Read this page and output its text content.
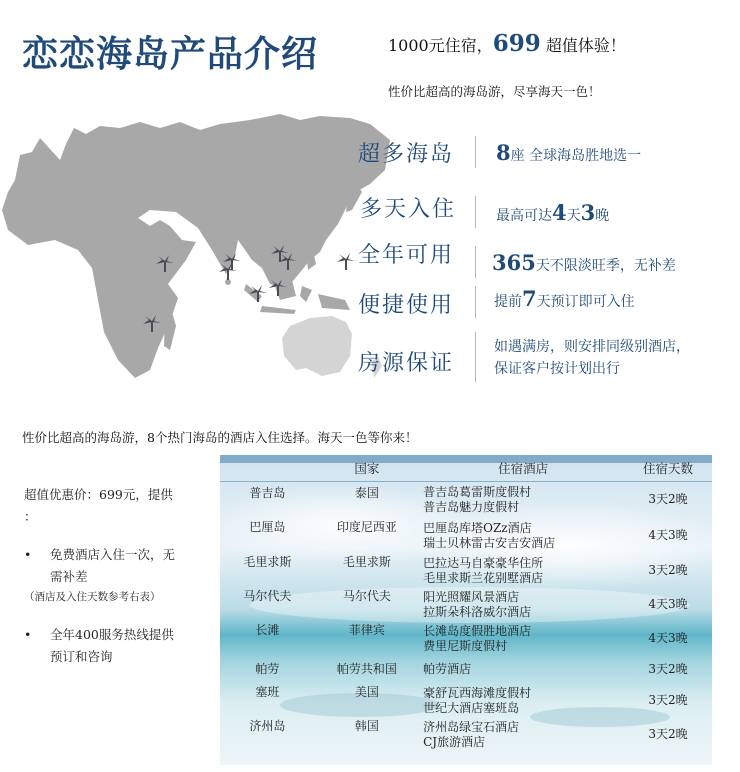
恋恋海岛产品介绍	1000元住宿，699 超值体验！
性价比超高的海岛游，尽享海天一色！
超多海岛 8座 全球海岛胜地选一
多天入住	最高可达4天3晚
全年可用 365天不限淡旺季，无补差
便捷使用	提前7天预订即可入住
房源保证
如遇满房，则安排同级别酒店，
保证客户按计划出行
性价比超高的海岛游，8个热门海岛的酒店入住选择。海天一色等你来！
超值优惠价：699元，提供
：
• 免费酒店入住一次，无
需补差
（酒店及入住天数参考右表）
• 全年400服务热线提供
预订和咨询
	国家	住宿酒店	住宿天数
普吉岛	泰国	普吉岛葛雷斯度假村
普吉岛魅力度假村	3天2晚
巴厘岛	印度尼西亚	巴厘岛库塔OZz酒店
瑞士贝林雷古安吉安酒店	4天3晚
毛里求斯	毛里求斯	巴拉达马自豪豪华住所
毛里求斯兰花别墅酒店	3天2晚
马尔代夫	马尔代夫	阳光照耀风景酒店
拉斯朵科洛威尔酒店	4天3晚
长滩	菲律宾	长滩岛度假胜地酒店
费里尼斯度假村	4天3晚
帕劳	帕劳共和国	帕劳酒店	3天2晚
塞班	美国	豪舒瓦西海滩度假村
世纪大酒店塞班岛	3天2晚
济州岛	韩国	济州岛绿宝石酒店
CJ旅游酒店	3天2晚
